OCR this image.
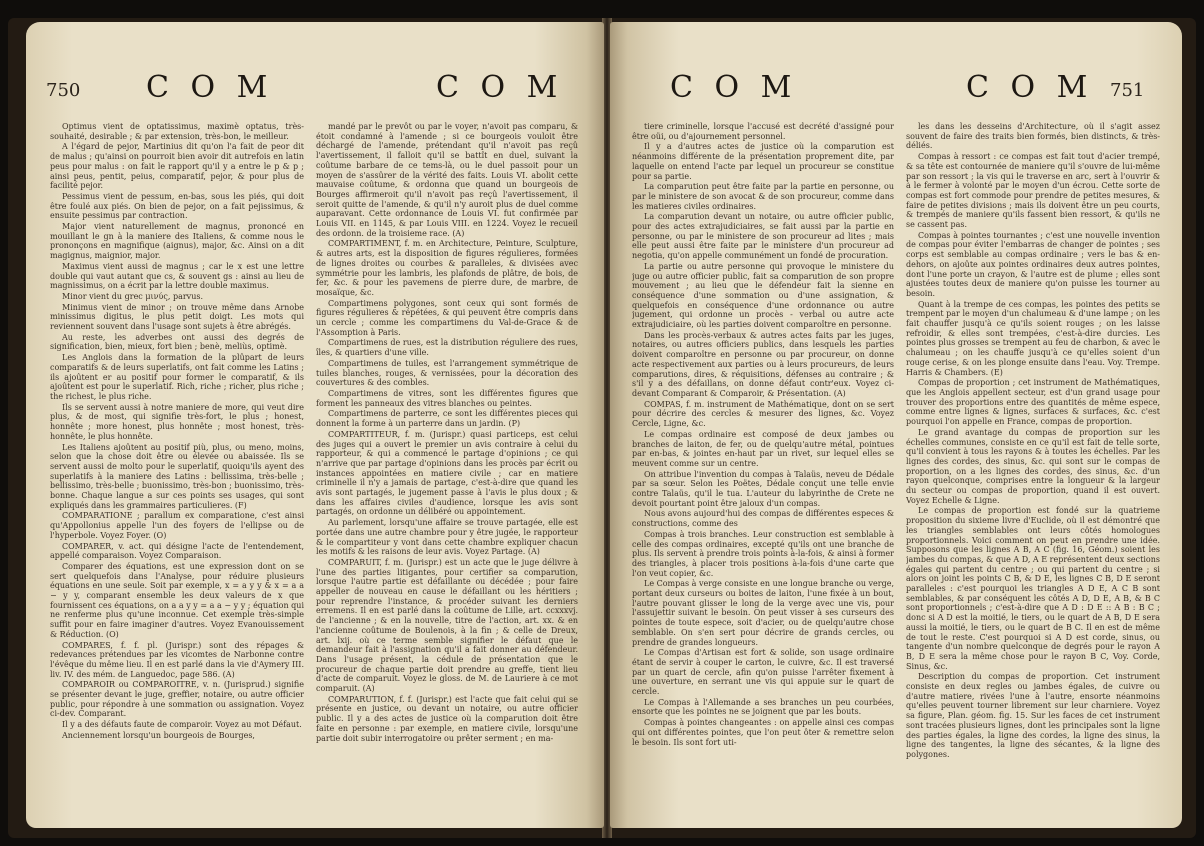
750 C O M	C O M

Optimus vient de optatissimus, maximè optatus, très-souhaité, desirable ; & par extension, très-bon, le meilleur.

A l'égard de pejor, Martinius dit qu'on l'a fait de peor dit de malus ; qu'ainsi on pourroit bien avoir dit autrefois en latin peus pour malus : on fait le rapport qu'il y a entre le p & p ; ainsi peus, pentit, peius, comparatif, pejor, & pour plus de facilité pejor.

Pessimus vient de pessum, en-bas, sous les piés, qui doit être foulé aux piés. On bien de pejor, on a fait pejissimus, & ensuite pessimus par contraction.

Major vient naturellement de magnus, prononcé en mouillant le gn à la maniere des Italiens, & comme nous le prononçons en magnifique (aignus), major, &c. Ainsi on a dit magignus, maignior, major.

Maximus vient aussi de magnus ; car le x est une lettre double qui vaut autant que cs, & souvent gs : ainsi au lieu de magnissimus, on a écrit par la lettre double maximus.

Minor vient du grec μινύς, parvus.

Minimus vient de minor ; on trouve même dans Arnobe minissimus digitus, le plus petit doigt. Les mots qui reviennent souvent dans l'usage sont sujets à être abrégés.

Au reste, les adverbes ont aussi des degrés de signification, bien, mieux, fort bien ; benè, meliùs, optimè.

Les Anglois dans la formation de la plûpart de leurs comparatifs & de leurs superlatifs, ont fait comme les Latins ; ils ajoûtent er au positif pour former le comparatif, & ils ajoûtent est pour le superlatif. Rich, riche ; richer, plus riche ; the richest, le plus riche.

Ils se servent aussi à notre maniere de more, qui veut dire plus, & de most, qui signifie très-fort, le plus ; honest, honnête ; more honest, plus honnête ; most honest, très-honnête, le plus honnête.

Les Italiens ajoûtent au positif più, plus, ou meno, moins, selon que la chose doit être ou élevée ou abaissée. Ils se servent aussi de molto pour le superlatif, quoiqu'ils ayent des superlatifs à la maniere des Latins : bellissima, très-belle ; bellissimo, très-belle ; buonissimo, très-bon ; buonissimo, très-bonne. Chaque langue a sur ces points ses usages, qui sont expliqués dans les grammaires particulieres. (F)

COMPARATIONE ; parallum ex comparatione, c'est ainsi qu'Appollonius appelle l'un des foyers de l'ellipse ou de l'hyperbole. Voyez Foyer. (O)

COMPARER, v. act. qui désigne l'acte de l'entendement, appellé comparaison. Voyez Comparaison.

Comparer des équations, est une expression dont on se sert quelquefois dans l'Analyse, pour réduire plusieurs équations en une seule. Soit par exemple, x = a y y & x = a a − y y, comparant ensemble les deux valeurs de x que fournissent ces équations, on a a y y = a a − y y ; équation qui ne renferme plus qu'une inconnue. Cet exemple très-simple suffit pour en faire imaginer d'autres. Voyez Evanouissement & Réduction. (O)

COMPARES, f. f. pl. (Jurispr.) sont des répages & redevances prétendues par les vicomtes de Narbonne contre l'évêque du même lieu. Il en est parlé dans la vie d'Aymery III. liv. IV. des mém. de Languedoc, page 586. (A)

COMPAROIR ou COMPAROITRE, v. n. (Jurisprud.) signifie se présenter devant le juge, greffier, notaire, ou autre officier public, pour répondre à une sommation ou assignation. Voyez ci-dev. Comparant.

Il y a des défauts faute de comparoir. Voyez au mot Défaut.

Anciennement lorsqu'un bourgeois de Bourges,

mandé par le prevôt ou par le voyer, n'avoit pas comparu, & étoit condamné à l'amende ; si ce bourgeois vouloit être déchargé de l'amende, prétendant qu'il n'avoit pas reçû l'avertissement, il falloit qu'il se battît en duel, suivant la coûtume barbare de ce tems-là, ou le duel passoit pour un moyen de s'assûrer de la vérité des faits. Louis VI. abolit cette mauvaise coûtume, & ordonna que quand un bourgeois de Bourges affirmeroit qu'il n'avoit pas reçû l'avertissement, il seroit quitte de l'amende, & qu'il n'y auroit plus de duel comme auparavant. Cette ordonnance de Louis VI. fut confirmée par Louis VII. en 1145, & par Louis VIII. en 1224. Voyez le recueil des ordonn. de la troisieme race. (A)

COMPARTIMENT, f. m. en Architecture, Peinture, Sculpture, & autres arts, est la disposition de figures régulieres, formées de lignes droites ou courbes & paralleles, & divisées avec symmétrie pour les lambris, les plafonds de plâtre, de bois, de fer, &c. & pour les pavemens de pierre dure, de marbre, de mosaïque, &c.

Compartimens polygones, sont ceux qui sont formés de figures régulieres & répétées, & qui peuvent être compris dans un cercle ; comme les compartimens du Val-de-Grace & de l'Assomption à Paris.

Compartimens de rues, est la distribution réguliere des rues, îles, & quartiers d'une ville.

Compartimens de tuiles, est l'arrangement symmétrique de tuiles blanches, rouges, & vernissées, pour la décoration des couvertures & des combles.

Compartimens de vitres, sont les différentes figures que forment les panneaux des vitres blanches ou peintes.

Compartimens de parterre, ce sont les différentes pieces qui donnent la forme à un parterre dans un jardin. (P)

COMPARTITEUR, f. m. (Jurispr.) quasi particeps, est celui des juges qui a ouvert le premier un avis contraire à celui du rapporteur, & qui a commencé le partage d'opinions ; ce qui n'arrive que par partage d'opinions dans les procès par écrit ou instances appointées en matiere civile ; car en matiere criminelle il n'y a jamais de partage, c'est-à-dire que quand les avis sont partagés, le jugement passe à l'avis le plus doux ; & dans les affaires civiles d'audience, lorsque les avis sont partagés, on ordonne un délibéré ou appointement.

Au parlement, lorsqu'une affaire se trouve partagée, elle est portée dans une autre chambre pour y être jugée, le rapporteur & le compartiteur y vont dans cette chambre expliquer chacun les motifs & les raisons de leur avis. Voyez Partage. (A)

COMPARUIT, f. m. (Jurispr.) est un acte que le juge délivre à l'une des parties litigantes, pour certifier sa comparution, lorsque l'autre partie est défaillante ou décédée ; pour faire appeller de nouveau en cause le défaillant ou les héritiers ; pour reprendre l'instance, & procéder suivant les derniers erremens. Il en est parlé dans la coûtume de Lille, art. ccxxxvj. de l'ancienne ; & en la nouvelle, titre de l'action, art. xx. & en l'ancienne coûtume de Boulenois, à la fin ; & celle de Dreux, art. lxij. où ce terme semble signifier le défaut que le demandeur fait à l'assignation qu'il a fait donner au défendeur. Dans l'usage présent, la cédule de présentation que le procureur de chaque partie doit prendre au greffe, tient lieu d'acte de comparuit. Voyez le gloss. de M. de Lauriere à ce mot comparuit. (A)

COMPARUTION, f. f. (Jurispr.) est l'acte que fait celui qui se présente en justice, ou devant un notaire, ou autre officier public. Il y a des actes de justice où la comparution doit être faite en personne : par exemple, en matiere civile, lorsqu'une partie doit subir interrogatoire ou prêter serment ; en ma-

C O M	C O M 751

tiere criminelle, lorsque l'accusé est decrété d'assigné pour être oüi, ou d'ajournement personnel.

Il y a d'autres actes de justice où la comparution est néanmoins différente de la présentation proprement dite, par laquelle on entend l'acte par lequel un procureur se constitue pour sa partie.

La comparution peut être faite par la partie en personne, ou par le ministere de son avocat & de son procureur, comme dans les matieres civiles ordinaires.

La comparution devant un notaire, ou autre officier public, pour des actes extrajudiciaires, se fait aussi par la partie en personne, ou par le ministere de son procureur ad lites ; mais elle peut aussi être faite par le ministere d'un procureur ad negotia, qu'on appelle communément un fondé de procuration.

La partie ou autre personne qui provoque le ministere du juge ou autre officier public, fait sa comparution de son propre mouvement ; au lieu que le défendeur fait la sienne en conséquence d'une sommation ou d'une assignation, & quelquefois en conséquence d'une ordonnance ou autre jugement, qui ordonne un procès - verbal ou autre acte extrajudiciaire, où les parties doivent comparoître en personne.

Dans les procès-verbaux & autres actes faits par les juges, notaires, ou autres officiers publics, dans lesquels les parties doivent comparoître en personne ou par procureur, on donne acte respectivement aux parties ou à leurs procureurs, de leurs comparutions, dires, & réquisitions, défenses au contraire ; & s'il y a des défaillans, on donne défaut contr'eux. Voyez ci-devant Comparant & Comparoir, & Présentation. (A)

COMPAS, f. m. instrument de Mathématique, dont on se sert pour décrire des cercles & mesurer des lignes, &c. Voyez Cercle, Ligne, &c.

Le compas ordinaire est composé de deux jambes ou branches de laiton, de fer, ou de quelqu'autre métal, pointues par en-bas, & jointes en-haut par un rivet, sur lequel elles se meuvent comme sur un centre.

On attribue l'invention du compas à Talaüs, neveu de Dédale par sa sœur. Selon les Poëtes, Dédale conçut une telle envie contre Talaüs, qu'il le tua. L'auteur du labyrinthe de Crete ne devoit pourtant point être jaloux d'un compas.

Nous avons aujourd'hui des compas de différentes especes & constructions, comme des

Compas à trois branches. Leur construction est semblable à celle des compas ordinaires, excepté qu'ils ont une branche de plus. Ils servent à prendre trois points à-la-fois, & ainsi à former des triangles, à placer trois positions à-la-fois d'une carte que l'on veut copier, &c.

Le Compas à verge consiste en une longue branche ou verge, portant deux curseurs ou boites de laiton, l'une fixée à un bout, l'autre pouvant glisser le long de la verge avec une vis, pour l'assujettir suivant le besoin. On peut visser à ses curseurs des pointes de toute espece, soit d'acier, ou de quelqu'autre chose semblable. On s'en sert pour décrire de grands cercles, ou prendre de grandes longueurs.

Le Compas d'Artisan est fort & solide, son usage ordinaire étant de servir à couper le carton, le cuivre, &c. Il est traversé par un quart de cercle, afin qu'on puisse l'arrêter fixement à une ouverture, en serrant une vis qui appuie sur le quart de cercle.

Le Compas à l'Allemande a ses branches un peu courbées, ensorte que les pointes ne se joignent que par les bouts.

Compas à pointes changeantes : on appelle ainsi ces compas qui ont différentes pointes, que l'on peut ôter & remettre selon le besoin. Ils sont fort uti-

les dans les desseins d'Architecture, où il s'agit assez souvent de faire des traits bien formés, bien distincts, & très-déliés.

Compas à ressort : ce compas est fait tout d'acier trempé, & sa tête est contournée de maniere qu'il s'ouvre de lui-même par son ressort ; la vis qui le traverse en arc, sert à l'ouvrir & à le fermer à volonté par le moyen d'un écrou. Cette sorte de compas est fort commode pour prendre de petites mesures, & faire de petites divisions ; mais ils doivent être un peu courts, & trempés de maniere qu'ils fassent bien ressort, & qu'ils ne se cassent pas.

Compas à pointes tournantes ; c'est une nouvelle invention de compas pour éviter l'embarras de changer de pointes ; ses corps est semblable au compas ordinaire ; vers le bas & en-dehors, on ajoûte aux pointes ordinaires deux autres pointes, dont l'une porte un crayon, & l'autre est de plume ; elles sont ajustées toutes deux de maniere qu'on puisse les tourner au besoin.

Quant à la trempe de ces compas, les pointes des petits se trempent par le moyen d'un chalumeau & d'une lampe ; on les fait chauffer jusqu'à ce qu'ils soient rouges ; on les laisse refroidir, & elles sont trempées, c'est-à-dire durcies. Les pointes plus grosses se trempent au feu de charbon, & avec le chalumeau ; on les chauffe jusqu'à ce qu'elles soient d'un rouge cerise, & on les plonge ensuite dans l'eau. Voy. Trempe. Harris & Chambers. (E)

Compas de proportion ; cet instrument de Mathématiques, que les Anglois appellent secteur, est d'un grand usage pour trouver des proportions entre des quantités de même espece, comme entre lignes & lignes, surfaces & surfaces, &c. c'est pourquoi l'on appelle en France, compas de proportion.

Le grand avantage du compas de proportion sur les échelles communes, consiste en ce qu'il est fait de telle sorte, qu'il convient à tous les rayons & à toutes les échelles. Par les lignes des cordes, des sinus, &c. qui sont sur le compas de proportion, on a les lignes des cordes, des sinus, &c. d'un rayon quelconque, comprises entre la longueur & la largeur du secteur ou compas de proportion, quand il est ouvert. Voyez Echelle & Ligne.

Le compas de proportion est fondé sur la quatrieme proposition du sixieme livre d'Euclide, où il est démontré que les triangles semblables ont leurs côtés homologues proportionnels. Voici comment on peut en prendre une idée. Supposons que les lignes A B, A C (fig. 16, Géom.) soient les jambes du compas, & que A D, A E représentent deux sections égales qui partent du centre ; ou qui partent du centre ; si alors on joint les points C B, & D E, les lignes C B, D E seront paralleles : c'est pourquoi les triangles A D E, A C B sont semblables, & par conséquent les côtés A D, D E, A B, & B C sont proportionnels ; c'est-à-dire que A D : D E :: A B : B C ; donc si A D est la moitié, le tiers, ou le quart de A B, D E sera aussi la moitié, le tiers, ou le quart de B C. Il en est de même de tout le reste. C'est pourquoi si A D est corde, sinus, ou tangente d'un nombre quelconque de degrés pour le rayon A B, D E sera la même chose pour le rayon B C, Voy. Corde, Sinus, &c.

Description du compas de proportion. Cet instrument consiste en deux regles ou jambes égales, de cuivre ou d'autre matiere, rivées l'une à l'autre, ensorte néanmoins qu'elles peuvent tourner librement sur leur charniere. Voyez sa figure, Plan. géom. fig. 15. Sur les faces de cet instrument sont tracées plusieurs lignes, dont les principales sont la ligne des parties égales, la ligne des cordes, la ligne des sinus, la ligne des tangentes, la ligne des sécantes, & la ligne des polygones.
